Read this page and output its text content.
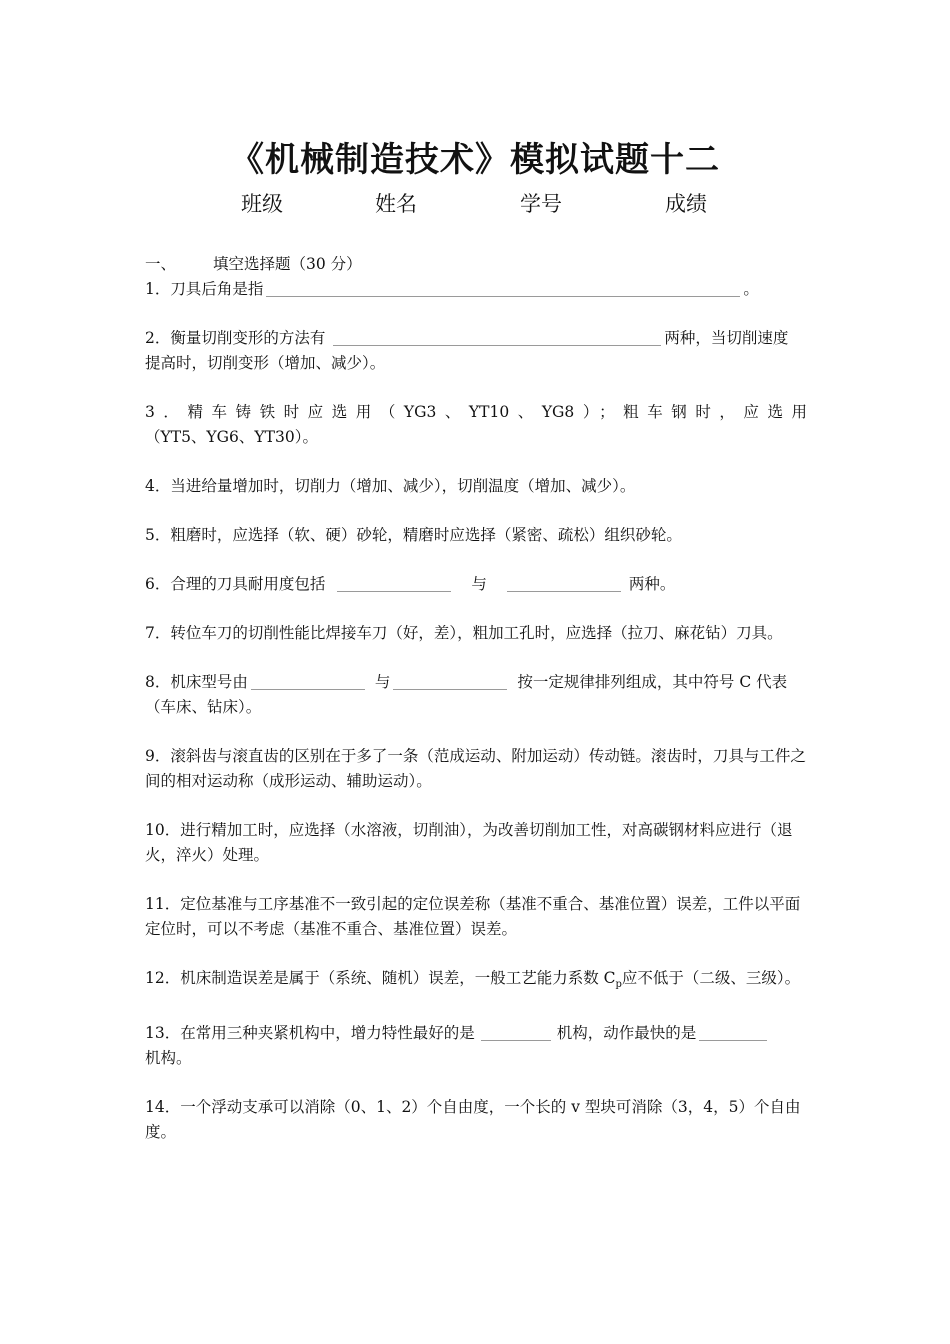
《机械制造技术》模拟试题十二
班级	姓名	学号	成绩

一、 填空选择题（30 分）

1．刀具后角是指	。

2．衡量切削变形的方法有	两种，当切削速度
提高时，切削变形（增加、减少）。

3．精车铸铁时应选用（YG3、YT10、YG8）；粗车钢时，应选用
（YT5、YG6、YT30）。

4．当进给量增加时，切削力（增加、减少），切削温度（增加、减少）。

5．粗磨时，应选择（软、硬）砂轮，精磨时应选择（紧密、疏松）组织砂轮。

6．合理的刀具耐用度包括	与	两种。

7．转位车刀的切削性能比焊接车刀（好，差），粗加工孔时，应选择（拉刀、麻花钻）刀具。

8．机床型号由	与	按一定规律排列组成，其中符号 C 代表（车床、钻床）。

9．滚斜齿与滚直齿的区别在于多了一条（范成运动、附加运动）传动链。滚齿时，刀具与工件之间的相对运动称（成形运动、辅助运动）。

10．进行精加工时，应选择（水溶液，切削油），为改善切削加工性，对高碳钢材料应进行（退火，淬火）处理。

11．定位基准与工序基准不一致引起的定位误差称（基准不重合、基准位置）误差，工件以平面定位时，可以不考虑（基准不重合、基准位置）误差。

12．机床制造误差是属于（系统、随机）误差，一般工艺能力系数 $C_p$应不低于（二级、三级）。

13．在常用三种夹紧机构中，增力特性最好的是	机构，动作最快的是
机构。

14．一个浮动支承可以消除（0、1、2）个自由度，一个长的 v 型块可消除（3，4，5）个自由度。
